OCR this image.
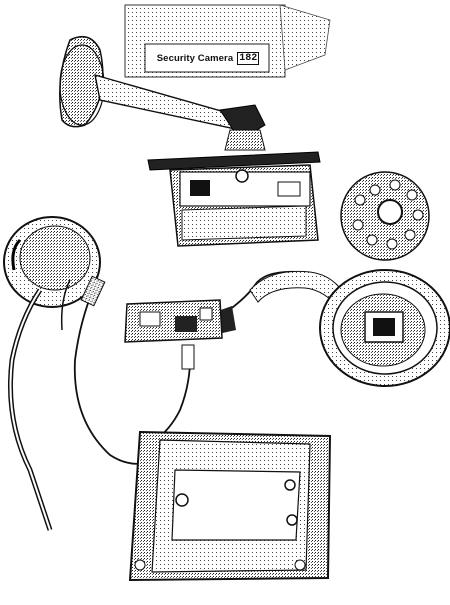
Security Camera 182
